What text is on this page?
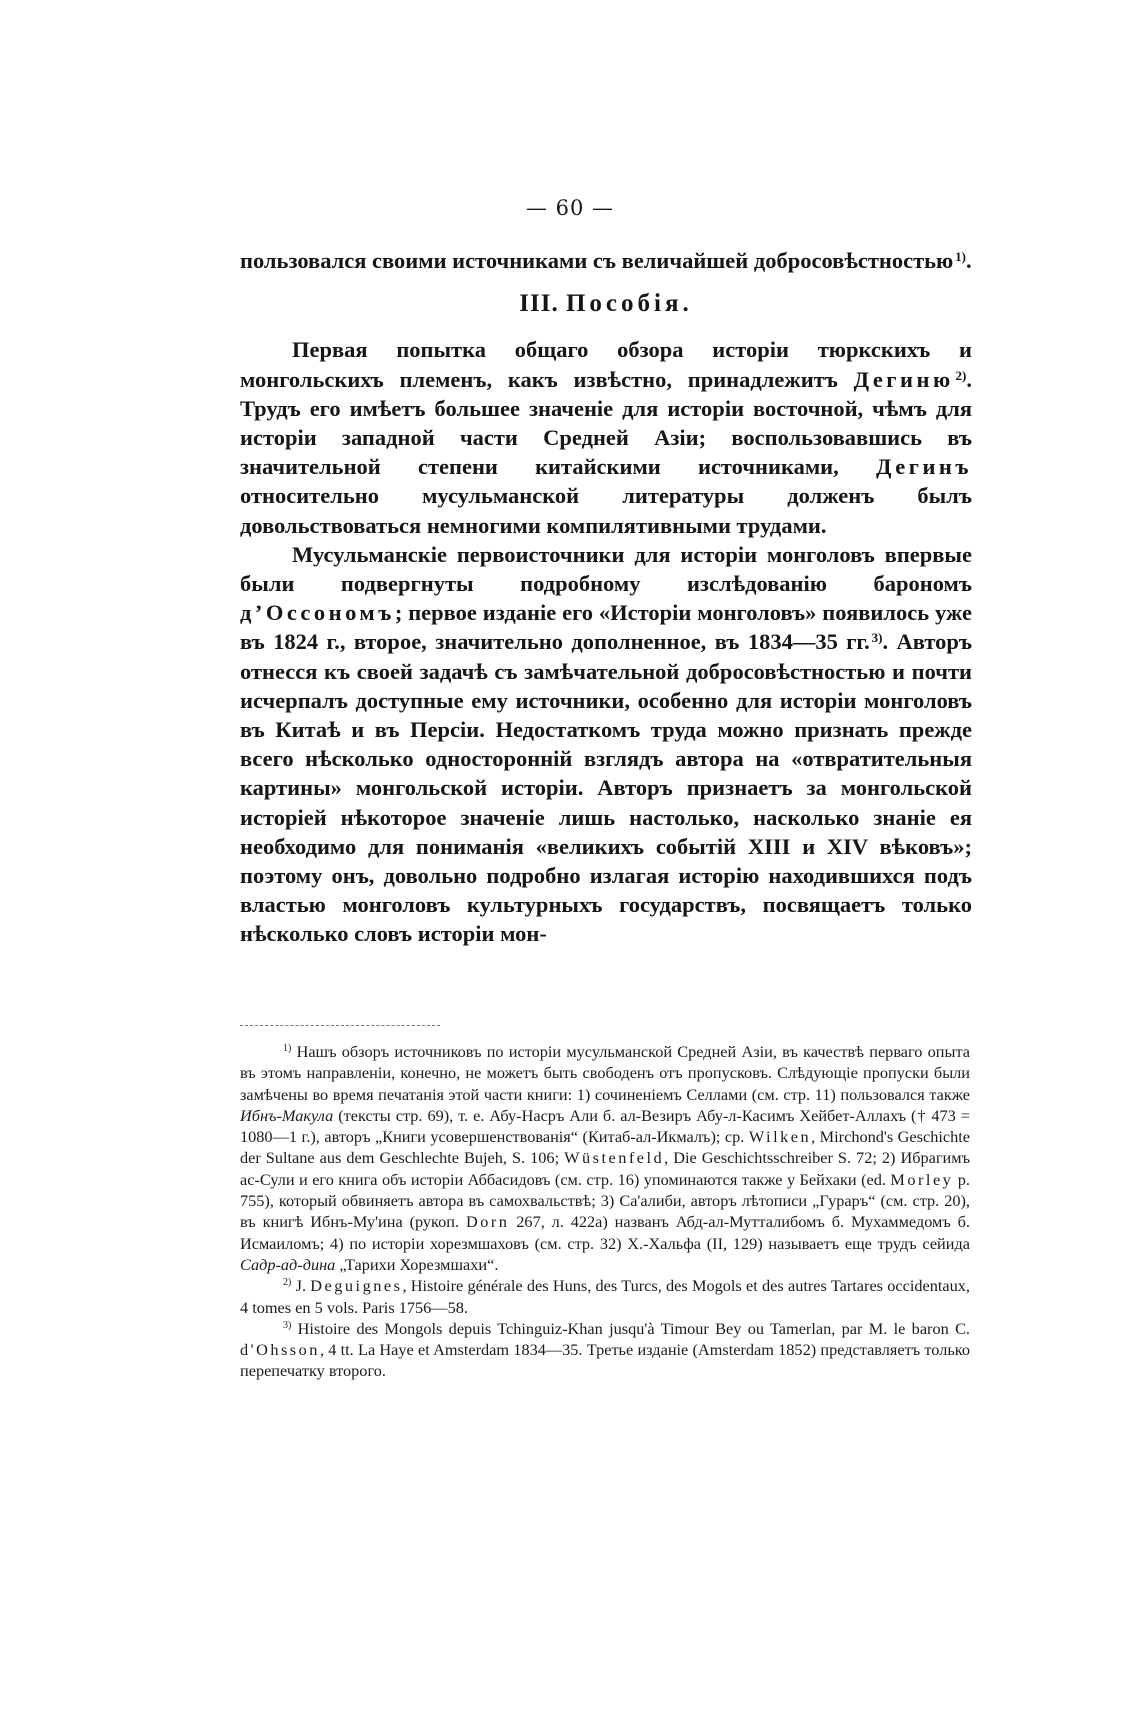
— 60 —

пользовался своими источниками съ величайшей добросовѣстностью  $^{1)}$.

III. Пособія.

Первая попытка общаго обзора исторіи тюркскихъ и монгольскихъ племенъ, какъ извѣстно, принадлежитъ Дегиню  $^{2)}$. Трудъ его имѣетъ большее значеніе для исторіи восточной, чѣмъ для исторіи западной части Средней Азіи; воспользовавшись въ значительной степени китайскими источниками, Дегинъ относительно мусульманской литературы долженъ былъ довольствоваться немногими компилятивными трудами.

Мусульманскіе первоисточники для исторіи монголовъ впервые были подвергнуты подробному изслѣдованію барономъ д’Оссономъ; первое изданіе его «Исторіи монголовъ» появилось уже въ 1824 г., второе, значительно дополненное, въ 1834—35 гг.  $^{3)}$. Авторъ отнесся къ своей задачѣ съ замѣчательной добросовѣстностью и почти исчерпалъ доступные ему источники, особенно для исторіи монголовъ въ Китаѣ и въ Персіи. Недостаткомъ труда можно признать прежде всего нѣсколько односторонній взглядъ автора на «отвратительныя картины» монгольской исторіи. Авторъ признаетъ за монгольской исторіей нѣкоторое значеніе лишь настолько, насколько знаніе ея необходимо для пониманія «великихъ событій XIII и XIV вѣковъ»; поэтому онъ, довольно подробно излагая исторію находившихся подъ властью монголовъ культурныхъ государствъ, посвящаетъ только нѣсколько словъ исторіи мон-

$^{1)}$ Нашъ обзоръ источниковъ по исторіи мусульманской Средней Азіи, въ качествѣ перваго опыта въ этомъ направленіи, конечно, не можетъ быть свободенъ отъ пропусковъ. Слѣдующіе пропуски были замѣчены во время печатанія этой части книги: 1) сочиненіемъ Селлами (см. стр. 11) пользовался также Ибнъ-Макула (тексты стр. 69), т. е. Абу-Насръ Али б. ал-Везиръ Абу-л-Касимъ Хейбет-Аллахъ († 473 = 1080—1 г.), авторъ „Книги усовершенствованія“ (Китаб-ал-Икмалъ); ср. Wilken, Mirchond's Geschichte der Sultane aus dem Geschlechte Bujeh, S. 106; Wüstenfeld, Die Geschichtsschreiber S. 72; 2) Ибрагимъ ас-Сули и его книга объ исторіи Аббасидовъ (см. стр. 16) упоминаются также у Бейхаки (ed. Morley p. 755), который обвиняетъ автора въ самохвальствѣ; 3) Са'алиби, авторъ лѣтописи „Гураръ“ (см. стр. 20), въ книгѣ Ибнъ-Му'ина (рукоп. Dorn 267, л. 422a) названъ Абд-ал-Мутталибомъ б. Мухаммедомъ б. Исмаиломъ; 4) по исторіи хорезмшаховъ (см. стр. 32) Х.-Хальфа (II, 129) называетъ еще трудъ сейида Садр-ад-дина „Тарихи Хорезмшахи“.

$^{2)}$ J. Deguignes, Histoire générale des Huns, des Turcs, des Mogols et des autres Tartares occidentaux, 4 tomes en 5 vols. Paris 1756—58.

$^{3)}$ Histoire des Mongols depuis Tchinguiz-Khan jusqu'à Timour Bey ou Tamerlan, par M. le baron C. d'Ohsson, 4 tt. La Haye et Amsterdam 1834—35. Третье изданіе (Amsterdam 1852) представляетъ только перепечатку второго.
